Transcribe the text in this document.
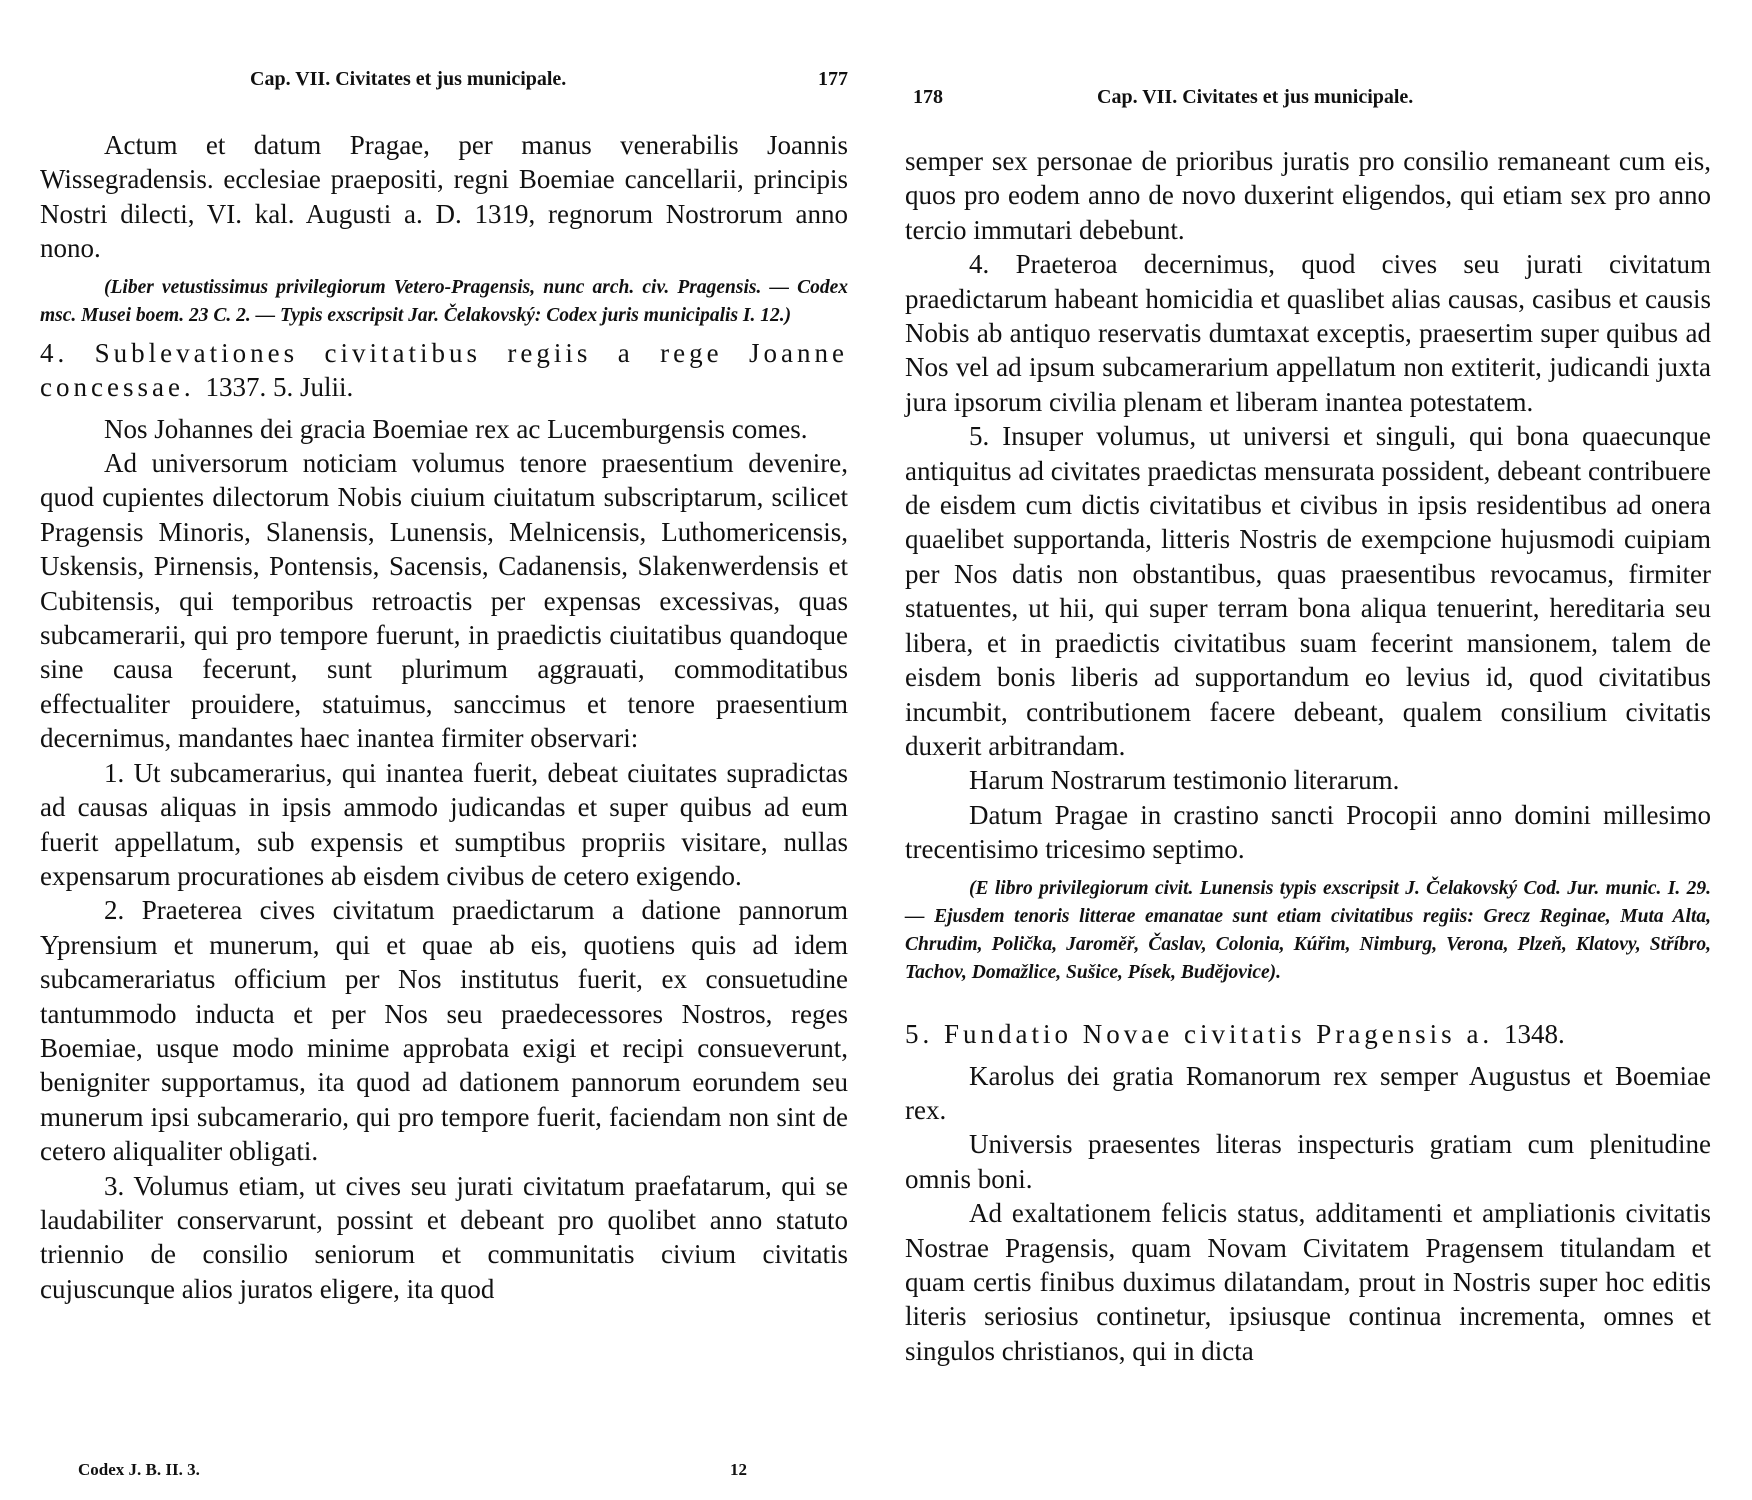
Cap. VII. Civitates et jus municipale.	177

Actum et datum Pragae, per manus venerabilis Joannis Wissegradensis. ecclesiae praepositi, regni Boemiae cancellarii, principis Nostri dilecti, VI. kal. Augusti a. D. 1319, regnorum Nostrorum anno nono.

(Liber vetustissimus privilegiorum Vetero-Pragensis, nunc arch. civ. Pragensis. — Codex msc. Musei boem. 23 C. 2. — Typis exscripsit Jar. Čelakovský: Codex juris municipalis I. 12.)

4. Sublevationes civitatibus regiis a rege Joanne concessae. 1337. 5. Julii.

Nos Johannes dei gracia Boemiae rex ac Lucemburgensis comes.

Ad universorum noticiam volumus tenore praesentium devenire, quod cupientes dilectorum Nobis ciuium ciuitatum subscriptarum, scilicet Pragensis Minoris, Slanensis, Lunensis, Melnicensis, Luthomericensis, Uskensis, Pirnensis, Pontensis, Sacensis, Cadanensis, Slakenwerdensis et Cubitensis, qui temporibus retroactis per expensas excessivas, quas subcamerarii, qui pro tempore fuerunt, in praedictis ciuitatibus quandoque sine causa fecerunt, sunt plurimum aggrauati, commoditatibus effectualiter prouidere, statuimus, sanccimus et tenore praesentium decernimus, mandantes haec inantea firmiter observari:

1. Ut subcamerarius, qui inantea fuerit, debeat ciuitates supradictas ad causas aliquas in ipsis ammodo judicandas et super quibus ad eum fuerit appellatum, sub expensis et sumptibus propriis visitare, nullas expensarum procurationes ab eisdem civibus de cetero exigendo.

2. Praeterea cives civitatum praedictarum a datione pannorum Yprensium et munerum, qui et quae ab eis, quotiens quis ad idem subcamerariatus officium per Nos institutus fuerit, ex consuetudine tantummodo inducta et per Nos seu praedecessores Nostros, reges Boemiae, usque modo minime approbata exigi et recipi consueverunt, benigniter supportamus, ita quod ad dationem pannorum eorundem seu munerum ipsi subcamerario, qui pro tempore fuerit, faciendam non sint de cetero aliqualiter obligati.

3. Volumus etiam, ut cives seu jurati civitatum praefatarum, qui se laudabiliter conservarunt, possint et debeant pro quolibet anno statuto triennio de consilio seniorum et communitatis civium civitatis cujuscunque alios juratos eligere, ita quod

Codex J. B. II. 3.	12
178	Cap. VII. Civitates et jus municipale.

semper sex personae de prioribus juratis pro consilio remaneant cum eis, quos pro eodem anno de novo duxerint eligendos, qui etiam sex pro anno tercio immutari debebunt.

4. Praeteroa decernimus, quod cives seu jurati civitatum praedictarum habeant homicidia et quaslibet alias causas, casibus et causis Nobis ab antiquo reservatis dumtaxat exceptis, praesertim super quibus ad Nos vel ad ipsum subcamerarium appellatum non extiterit, judicandi juxta jura ipsorum civilia plenam et liberam inantea potestatem.

5. Insuper volumus, ut universi et singuli, qui bona quaecunque antiquitus ad civitates praedictas mensurata possident, debeant contribuere de eisdem cum dictis civitatibus et civibus in ipsis residentibus ad onera quaelibet supportanda, litteris Nostris de exempcione hujusmodi cuipiam per Nos datis non obstantibus, quas praesentibus revocamus, firmiter statuentes, ut hii, qui super terram bona aliqua tenuerint, hereditaria seu libera, et in praedictis civitatibus suam fecerint mansionem, talem de eisdem bonis liberis ad supportandum eo levius id, quod civitatibus incumbit, contributionem facere debeant, qualem consilium civitatis duxerit arbitrandam.

Harum Nostrarum testimonio literarum.

Datum Pragae in crastino sancti Procopii anno domini millesimo trecentisimo tricesimo septimo.

(E libro privilegiorum civit. Lunensis typis exscripsit J. Čelakovský Cod. Jur. munic. I. 29. — Ejusdem tenoris litterae emanatae sunt etiam civitatibus regiis: Grecz Reginae, Muta Alta, Chrudim, Polička, Jaroměř, Časlav, Colonia, Kúřim, Nimburg, Verona, Plzeň, Klatovy, Stříbro, Tachov, Domažlice, Sušice, Písek, Budějovice).

5. Fundatio Novae civitatis Pragensis a. 1348.

Karolus dei gratia Romanorum rex semper Augustus et Boemiae rex.

Universis praesentes literas inspecturis gratiam cum plenitudine omnis boni.

Ad exaltationem felicis status, additamenti et ampliationis civitatis Nostrae Pragensis, quam Novam Civitatem Pragensem titulandam et quam certis finibus duximus dilatandam, prout in Nostris super hoc editis literis seriosius continetur, ipsiusque continua incrementa, omnes et singulos christianos, qui in dicta
